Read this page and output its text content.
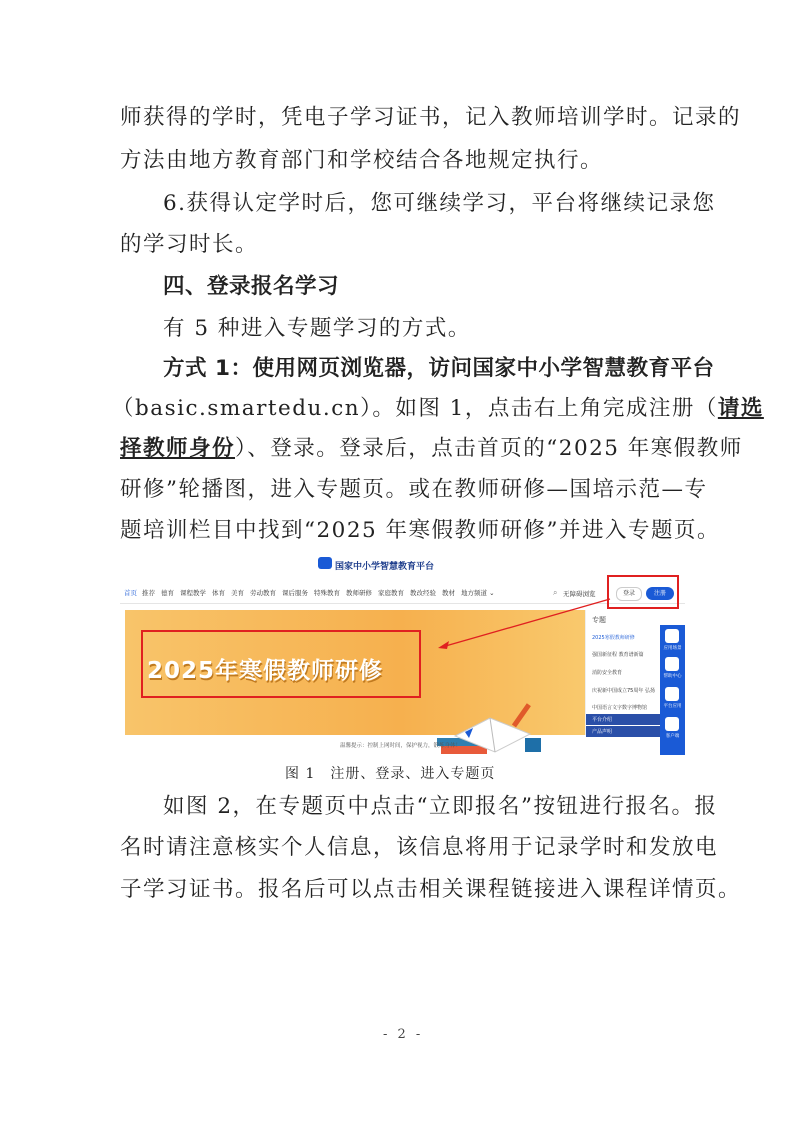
师获得的学时，凭电子学习证书，记入教师培训学时。记录的
方法由地方教育部门和学校结合各地规定执行。
6.获得认定学时后，您可继续学习，平台将继续记录您
的学习时长。
四、登录报名学习
有 5 种进入专题学习的方式。
方式 1：使用网页浏览器，访问国家中小学智慧教育平台
（basic.smartedu.cn）。如图 1，点击右上角完成注册（请选
择教师身份）、登录。登录后，点击首页的“2025 年寒假教师
研修”轮播图，进入专题页。或在教师研修—国培示范—专
题培训栏目中找到“2025 年寒假教师研修”并进入专题页。
国家中小学智慧教育平台
首页 推荐 德育 课程教学 体育 美育 劳动教育 课后服务 特殊教育 教师研修 家庭教育 教改经验 教材 地方频道 ⌄	⌕ 无障碍浏览	登录	注册
2025年寒假教师研修
专题
2025寒假教师研修
强国新征程 教育谱新篇
消防安全教育
庆祝新中国成立75周年 弘扬
中国语言文字数字博物馆
平台介绍
产品声明
应用场景
帮助中心
平台应用
客户端
温馨提示：控制上网时间，保护视力，锻炼身体！
图 1　注册、登录、进入专题页
如图 2，在专题页中点击“立即报名”按钮进行报名。报
名时请注意核实个人信息，该信息将用于记录学时和发放电
子学习证书。报名后可以点击相关课程链接进入课程详情页。
- 2 -
